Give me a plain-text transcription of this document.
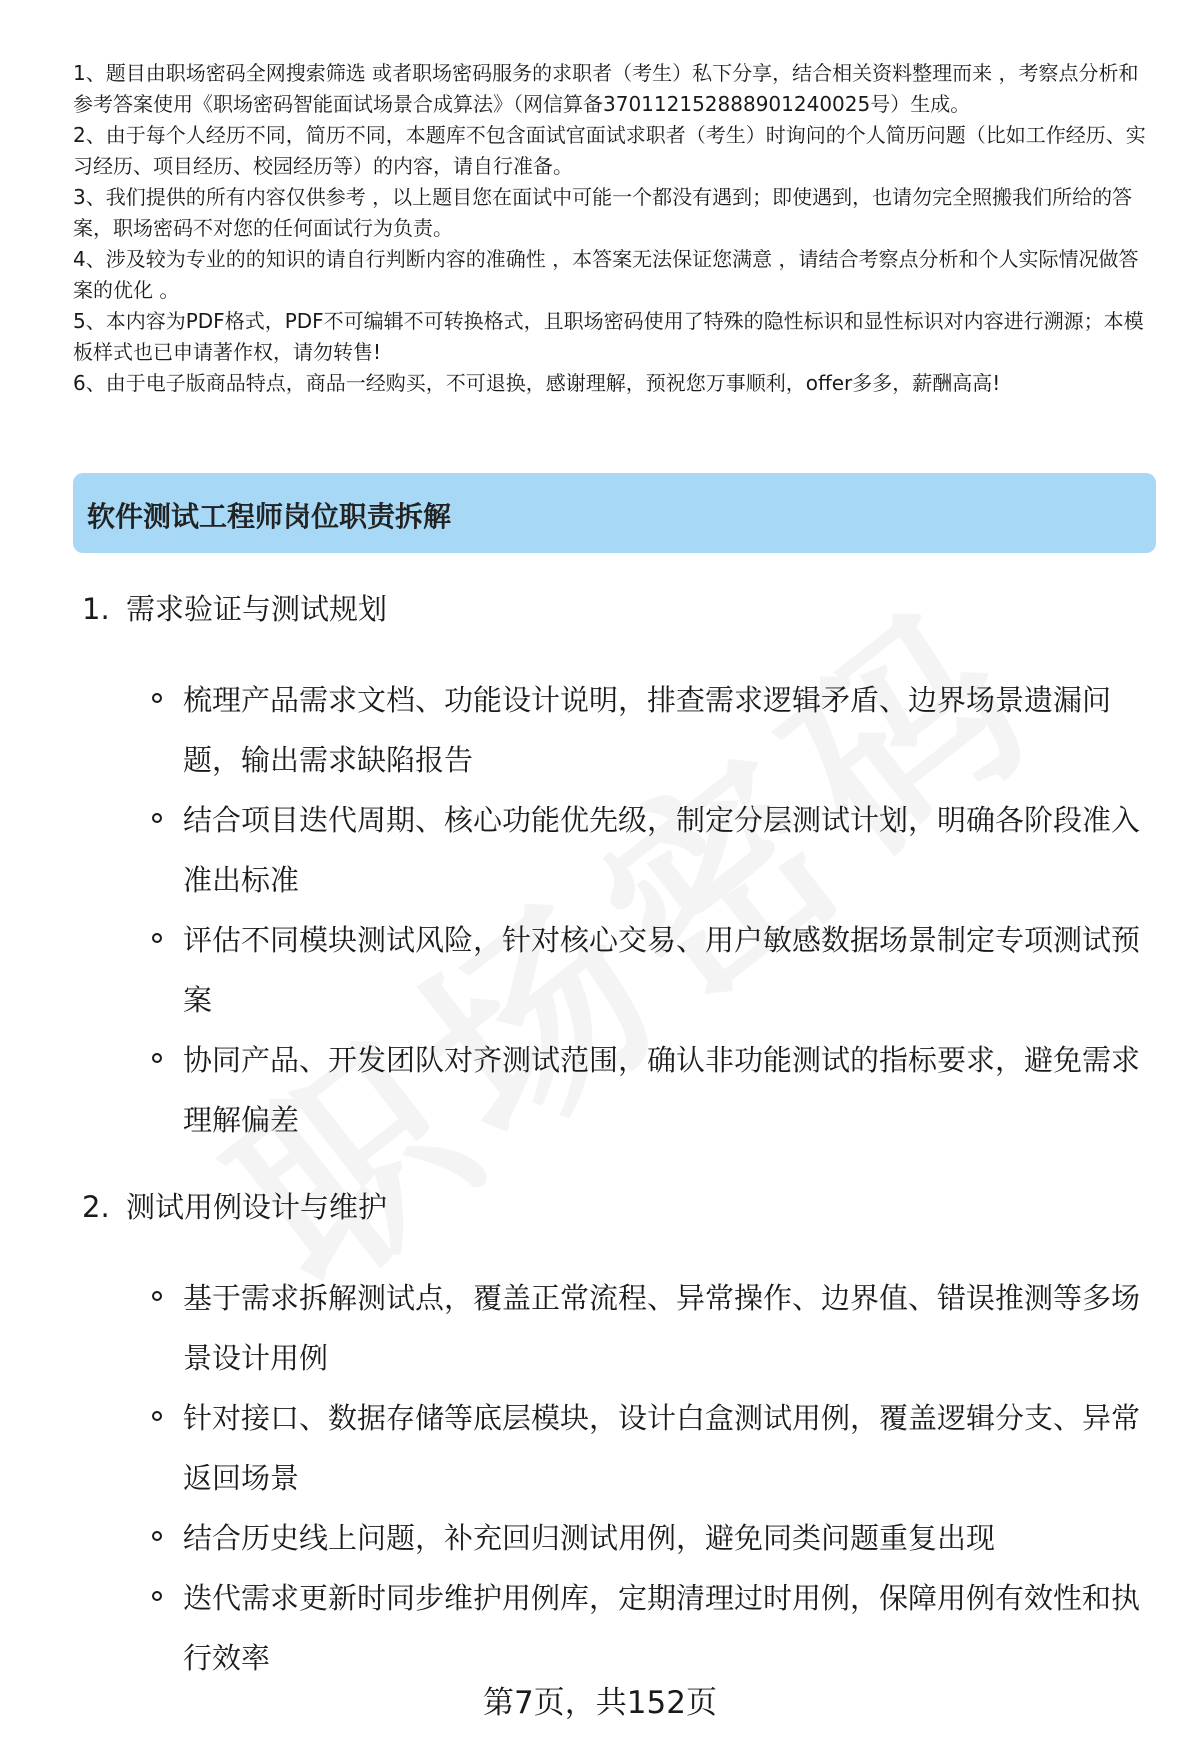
1、题目由职场密码全网搜索筛选 或者职场密码服务的求职者（考生）私下分享，结合相关资料整理而来 ，考察点分析和参考答案使用《职场密码智能面试场景合成算法》（网信算备370112152888901240025号）生成。

2、由于每个人经历不同，简历不同，本题库不包含面试官面试求职者（考生）时询问的个人简历问题（比如工作经历、实习经历、项目经历、校园经历等）的内容，请自行准备。

3、我们提供的所有内容仅供参考 ，以上题目您在面试中可能一个都没有遇到；即使遇到，也请勿完全照搬我们所给的答案，职场密码不对您的任何面试行为负责。

4、涉及较为专业的的知识的请自行判断内容的准确性 ，本答案无法保证您满意 ，请结合考察点分析和个人实际情况做答案的优化 。

5、本内容为PDF格式，PDF不可编辑不可转换格式，且职场密码使用了特殊的隐性标识和显性标识对内容进行溯源；本模板样式也已申请著作权，请勿转售!

6、由于电子版商品特点，商品一经购买，不可退换，感谢理解，预祝您万事顺利，offer多多，薪酬高高!

软件测试工程师岗位职责拆解
1. 需求验证与测试规划
梳理产品需求文档、功能设计说明，排查需求逻辑矛盾、边界场景遗漏问题，输出需求缺陷报告
结合项目迭代周期、核心功能优先级，制定分层测试计划，明确各阶段准入准出标准
评估不同模块测试风险，针对核心交易、用户敏感数据场景制定专项测试预案
协同产品、开发团队对齐测试范围，确认非功能测试的指标要求，避免需求理解偏差
2. 测试用例设计与维护
基于需求拆解测试点，覆盖正常流程、异常操作、边界值、错误推测等多场景设计用例
针对接口、数据存储等底层模块，设计白盒测试用例，覆盖逻辑分支、异常返回场景
结合历史线上问题，补充回归测试用例，避免同类问题重复出现
迭代需求更新时同步维护用例库，定期清理过时用例，保障用例有效性和执行效率
第7页，共152页
